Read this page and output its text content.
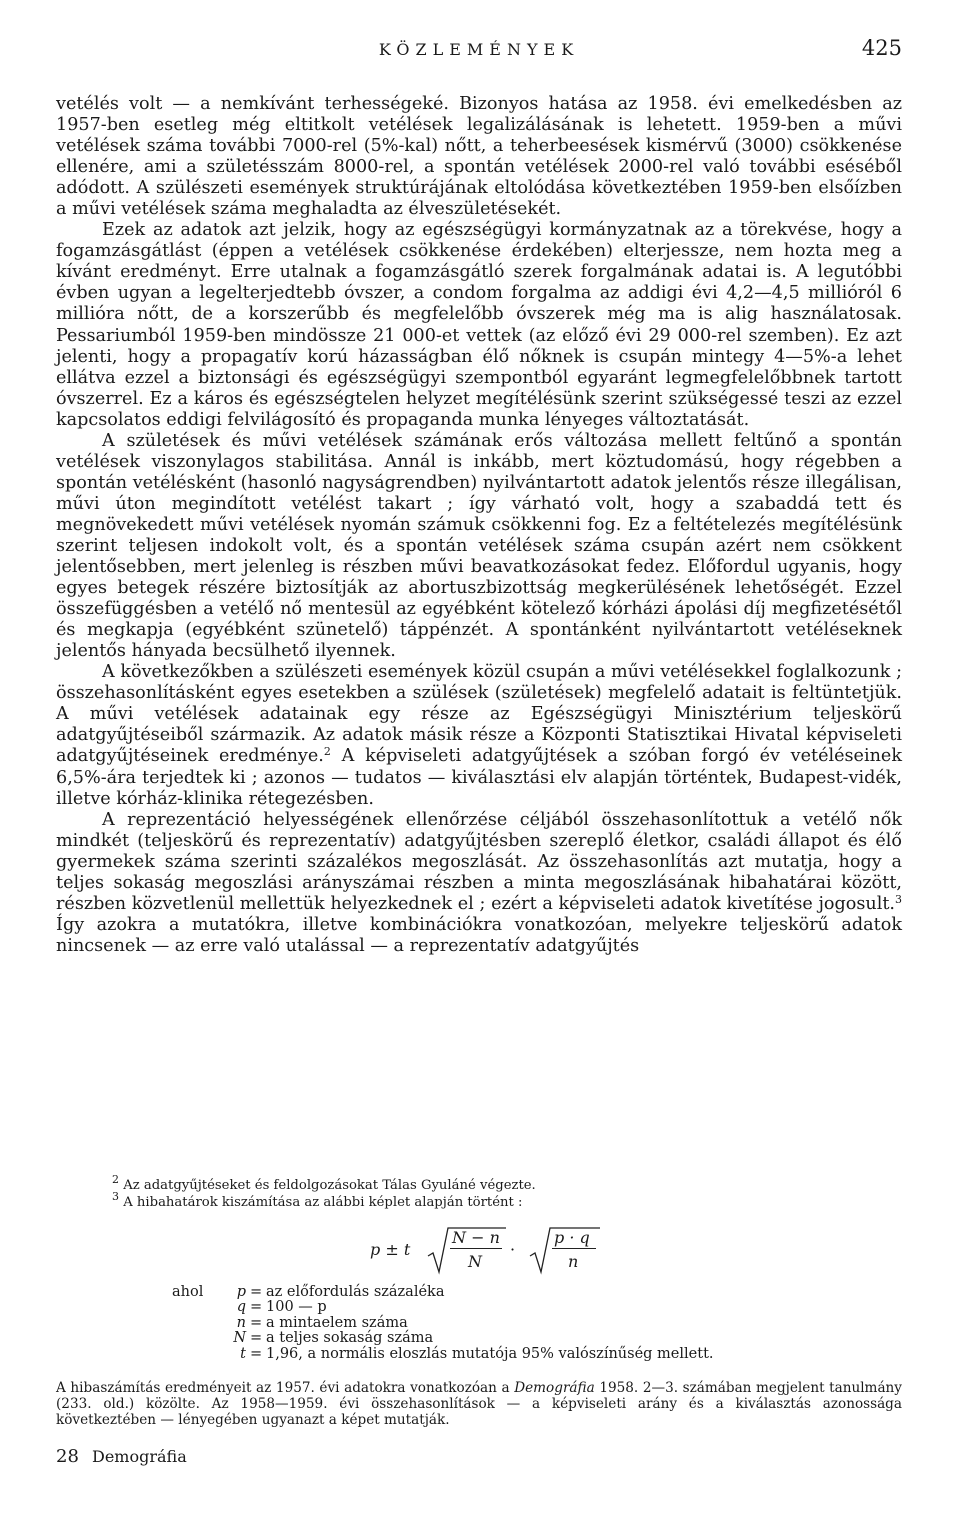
KÖZLEMÉNYEK	425

vetélés volt — a nemkívánt terhességeké. Bizonyos hatása az 1958. évi emelkedésben az 1957-ben esetleg még eltitkolt vetélések legalizálásának is lehetett. 1959-ben a művi vetélések száma további 7000-rel (5%-kal) nőtt, a teherbeesések kismérvű (3000) csökkenése ellenére, ami a születésszám 8000-rel, a spontán vetélések 2000-rel való további eséséből adódott. A szülészeti események struktúrájának eltolódása következtében 1959-ben elsőízben a művi vetélések száma meghaladta az élveszületésekét.

Ezek az adatok azt jelzik, hogy az egészségügyi kormányzatnak az a törekvése, hogy a fogamzásgátlást (éppen a vetélések csökkenése érdekében) elterjessze, nem hozta meg a kívánt eredményt. Erre utalnak a fogamzásgátló szerek forgalmának adatai is. A legutóbbi évben ugyan a legelterjedtebb óvszer, a condom forgalma az addigi évi 4,2—4,5 millióról 6 millióra nőtt, de a korszerűbb és megfelelőbb óvszerek még ma is alig használatosak. Pessariumból 1959-ben mindössze 21 000-et vettek (az előző évi 29 000-rel szemben). Ez azt jelenti, hogy a propagatív korú házasságban élő nőknek is csupán mintegy 4—5%-a lehet ellátva ezzel a biztonsági és egészségügyi szempontból egyaránt legmegfelelőbbnek tartott óvszerrel. Ez a káros és egészségtelen helyzet megítélésünk szerint szükségessé teszi az ezzel kapcsolatos eddigi felvilágosító és propaganda munka lényeges változtatását.

A születések és művi vetélések számának erős változása mellett feltűnő a spontán vetélések viszonylagos stabilitása. Annál is inkább, mert köztudomású, hogy régebben a spontán vetélésként (hasonló nagyságrendben) nyilvántartott adatok jelentős része illegálisan, művi úton megindított vetélést takart ; így várható volt, hogy a szabaddá tett és megnövekedett művi vetélések nyomán számuk csökkenni fog. Ez a feltételezés megítélésünk szerint teljesen indokolt volt, és a spontán vetélések száma csupán azért nem csökkent jelentősebben, mert jelenleg is részben művi beavatkozásokat fedez. Előfordul ugyanis, hogy egyes betegek részére biztosítják az abortuszbizottság megkerülésének lehetőségét. Ezzel összefüggésben a vetélő nő mentesül az egyébként kötelező kórházi ápolási díj megfizetésétől és megkapja (egyébként szünetelő) táppénzét. A spontánként nyilvántartott vetéléseknek jelentős hányada becsülhető ilyennek.

A következőkben a szülészeti események közül csupán a művi vetélésekkel foglalkozunk ; összehasonlításként egyes esetekben a szülések (születések) megfelelő adatait is feltüntetjük. A művi vetélések adatainak egy része az Egészségügyi Minisztérium teljeskörű adatgyűjtéseiből származik. Az adatok másik része a Központi Statisztikai Hivatal képviseleti adatgyűjtéseinek eredménye.$^2$ A képviseleti adatgyűjtések a szóban forgó év vetéléseinek 6,5%-ára terjedtek ki ; azonos — tudatos — kiválasztási elv alapján történtek, Budapest-vidék, illetve kórház-klinika rétegezésben.

A reprezentáció helyességének ellenőrzése céljából összehasonlítottuk a vetélő nők mindkét (teljeskörű és reprezentatív) adatgyűjtésben szereplő életkor, családi állapot és élő gyermekek száma szerinti százalékos megoszlását. Az összehasonlítás azt mutatja, hogy a teljes sokaság megoszlási arányszámai részben a minta megoszlásának hibahatárai között, részben közvetlenül mellettük helyezkednek el ; ezért a képviseleti adatok kivetítése jogosult.$^3$ Így azokra a mutatókra, illetve kombinációkra vonatkozóan, melyekre teljeskörű adatok nincsenek — az erre való utalással — a reprezentatív adatgyűjtés

$^2$ Az adatgyűjtéseket és feldolgozásokat Tálas Gyuláné végezte.

$^3$ A hibahatárok kiszámítása az alábbi képlet alapján történt :

p ± t
N − n
N
·
p · q
n
ahol	p = az előfordulás százaléka
q = 100 — p
n = a mintaelem száma
N = a teljes sokaság száma
t = 1,96, a normális eloszlás mutatója 95% valószínűség mellett.
A hibaszámítás eredményeit az 1957. évi adatokra vonatkozóan a Demográfia 1958. 2—3. számában megjelent tanulmány (233. old.) közölte. Az 1958—1959. évi összehasonlítások — a képviseleti arány és a kiválasztás azonossága következtében — lényegében ugyanazt a képet mutatják.
28 Demográfia
